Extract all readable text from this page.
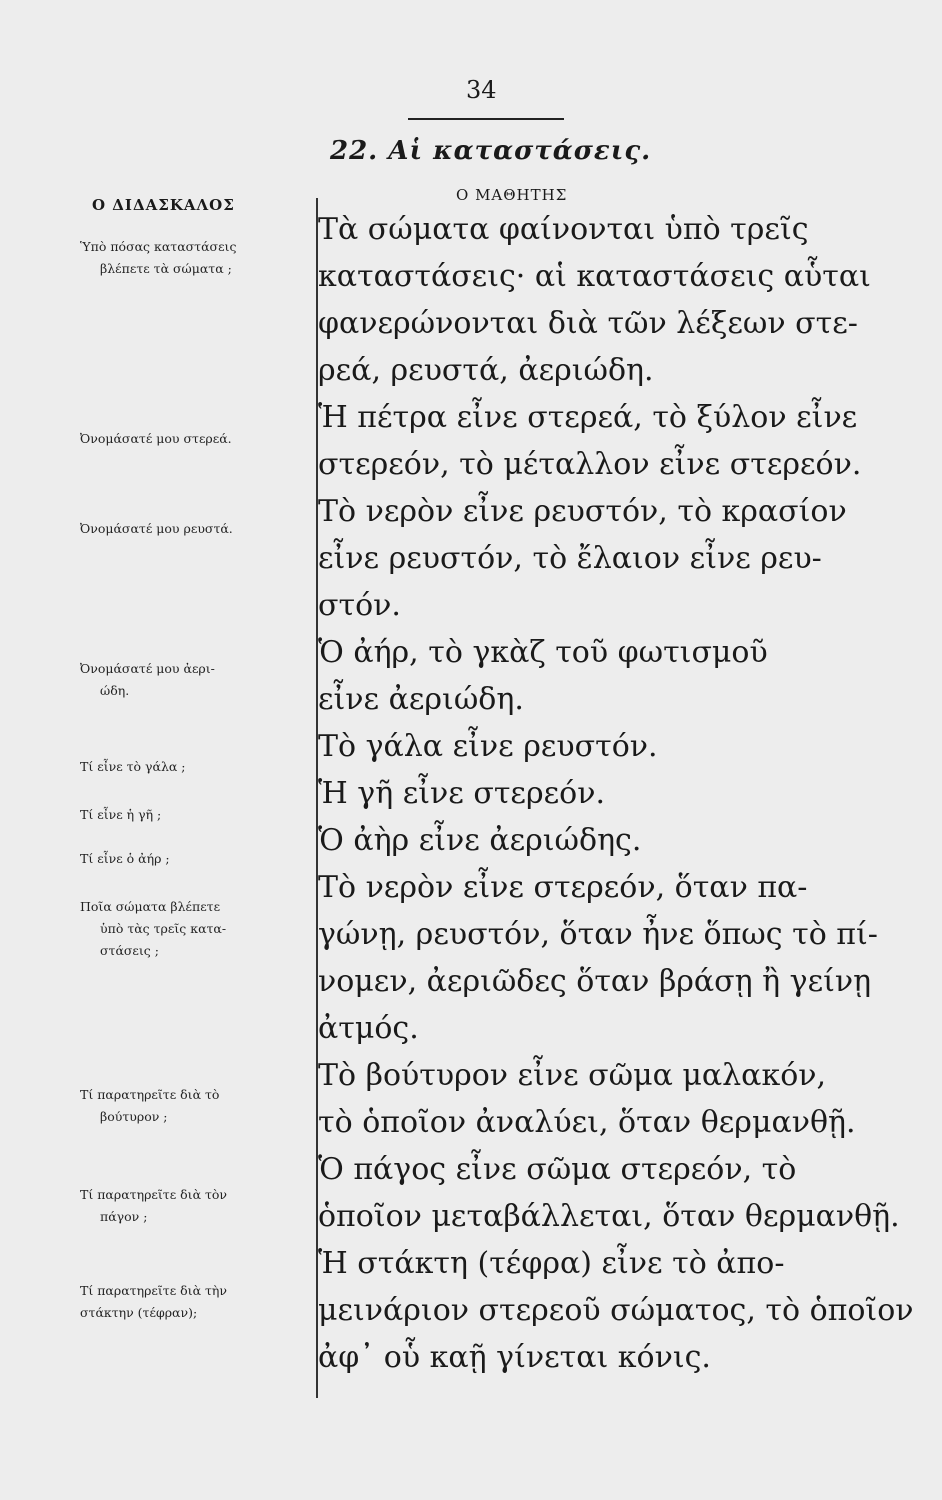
34
22. Αἱ καταστάσεις.
Ο ΔΙΔΑΣΚΑΛΟΣ
Ο ΜΑΘΗΤΗΣ
Ὑπὸ πόσας καταστάσεις
βλέπετε τὰ σώματα ;
Ὀνομάσατέ μου στερεά.
Ὀνομάσατέ μου ρευστά.
Ὀνομάσατέ μου ἀερι-
ώδη.
Τί εἶνε τὸ γάλα ;
Τί εἶνε ἡ γῆ ;
Τί εἶνε ὁ ἀήρ ;
Ποῖα σώματα βλέπετε
ὑπὸ τὰς τρεῖς κατα-
στάσεις ;
Τί παρατηρεῖτε διὰ τὸ
βούτυρον ;
Τί παρατηρεῖτε διὰ τὸν
πάγον ;
Τί παρατηρεῖτε διὰ τὴν
στάκτην (τέφραν);
Τὰ σώματα φαίνονται ὑπὸ τρεῖς
καταστάσεις· αἱ καταστάσεις αὗται
φανερώνονται διὰ τῶν λέξεων στε-
ρεά, ρευστά, ἀεριώδη.
Ἡ πέτρα εἶνε στερεά, τὸ ξύλον εἶνε
στερεόν, τὸ μέταλλον εἶνε στερεόν.
Τὸ νερὸν εἶνε ρευστόν, τὸ κρασίον
εἶνε ρευστόν, τὸ ἔλαιον εἶνε ρευ-
στόν.
Ὁ ἀήρ, τὸ γκὰζ τοῦ φωτισμοῦ
εἶνε ἀεριώδη.
Τὸ γάλα εἶνε ρευστόν.
Ἡ γῆ εἶνε στερεόν.
Ὁ ἀὴρ εἶνε ἀεριώδης.
Τὸ νερὸν εἶνε στερεόν, ὅταν πα-
γώνῃ, ρευστόν, ὅταν ἦνε ὅπως τὸ πί-
νομεν, ἀεριῶδες ὅταν βράσῃ ἢ γείνῃ
ἀτμός.
Τὸ βούτυρον εἶνε σῶμα μαλακόν,
τὸ ὁποῖον ἀναλύει, ὅταν θερμανθῇ.
Ὁ πάγος εἶνε σῶμα στερεόν, τὸ
ὁποῖον μεταβάλλεται, ὅταν θερμανθῇ.
Ἡ στάκτη (τέφρα) εἶνε τὸ ἀπο-
μεινάριον στερεοῦ σώματος, τὸ ὁποῖον
ἀφ᾽ οὗ καῇ γίνεται κόνις.
